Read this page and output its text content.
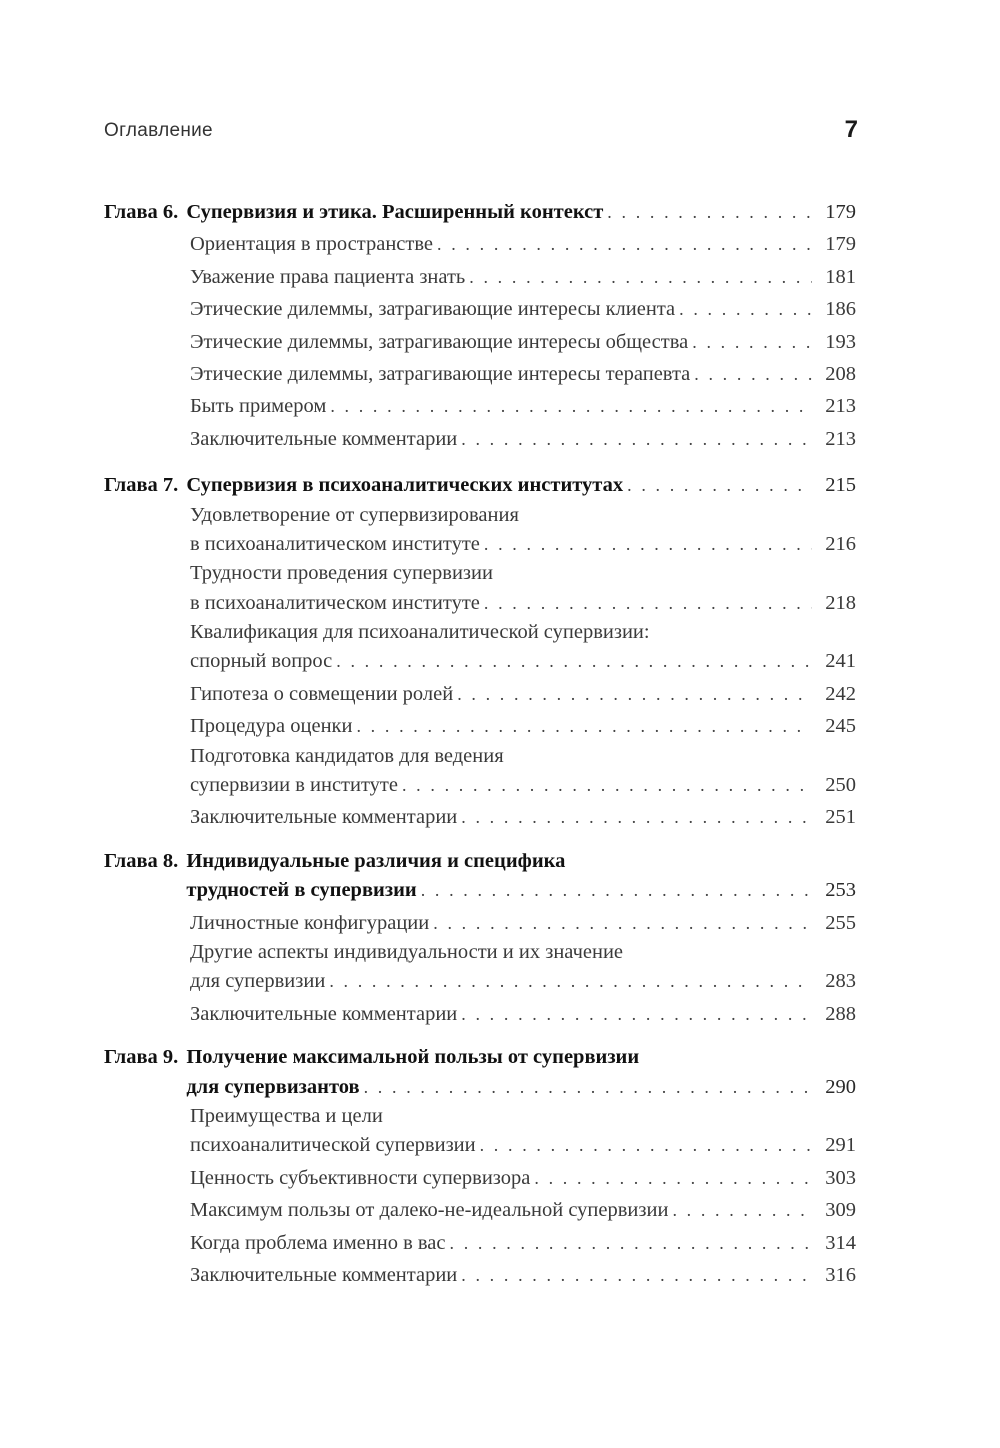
Оглавление	7
Глава 6. Супервизия и этика. Расширенный контекст . . .	179
Ориентация в пространстве . . .	179
Уважение права пациента знать . . .	181
Этические дилеммы, затрагивающие интересы клиента . . .	186
Этические дилеммы, затрагивающие интересы общества . . .	193
Этические дилеммы, затрагивающие интересы терапевта . . .	208
Быть примером . . .	213
Заключительные комментарии . . .	213
Глава 7. Супервизия в психоаналитических институтах . . .	215
Удовлетворение от супервизирования
в психоаналитическом институте . . .	216
Трудности проведения супервизии
в психоаналитическом институте . . .	218
Квалификация для психоаналитической супервизии:
спорный вопрос . . .	241
Гипотеза о совмещении ролей . . .	242
Процедура оценки . . .	245
Подготовка кандидатов для ведения
супервизии в институте . . .	250
Заключительные комментарии . . .	251
Глава 8. Индивидуальные различия и специфика
трудностей в супервизии . . .	253
Личностные конфигурации . . .	255
Другие аспекты индивидуальности и их значение
для супервизии . . .	283
Заключительные комментарии . . .	288
Глава 9. Получение максимальной пользы от супервизии
для супервизантов . . .	290
Преимущества и цели
психоаналитической супервизии . . .	291
Ценность субъективности супервизора . . .	303
Максимум пользы от далеко-не-идеальной супервизии . . .	309
Когда проблема именно в вас . . .	314
Заключительные комментарии . . .	316
